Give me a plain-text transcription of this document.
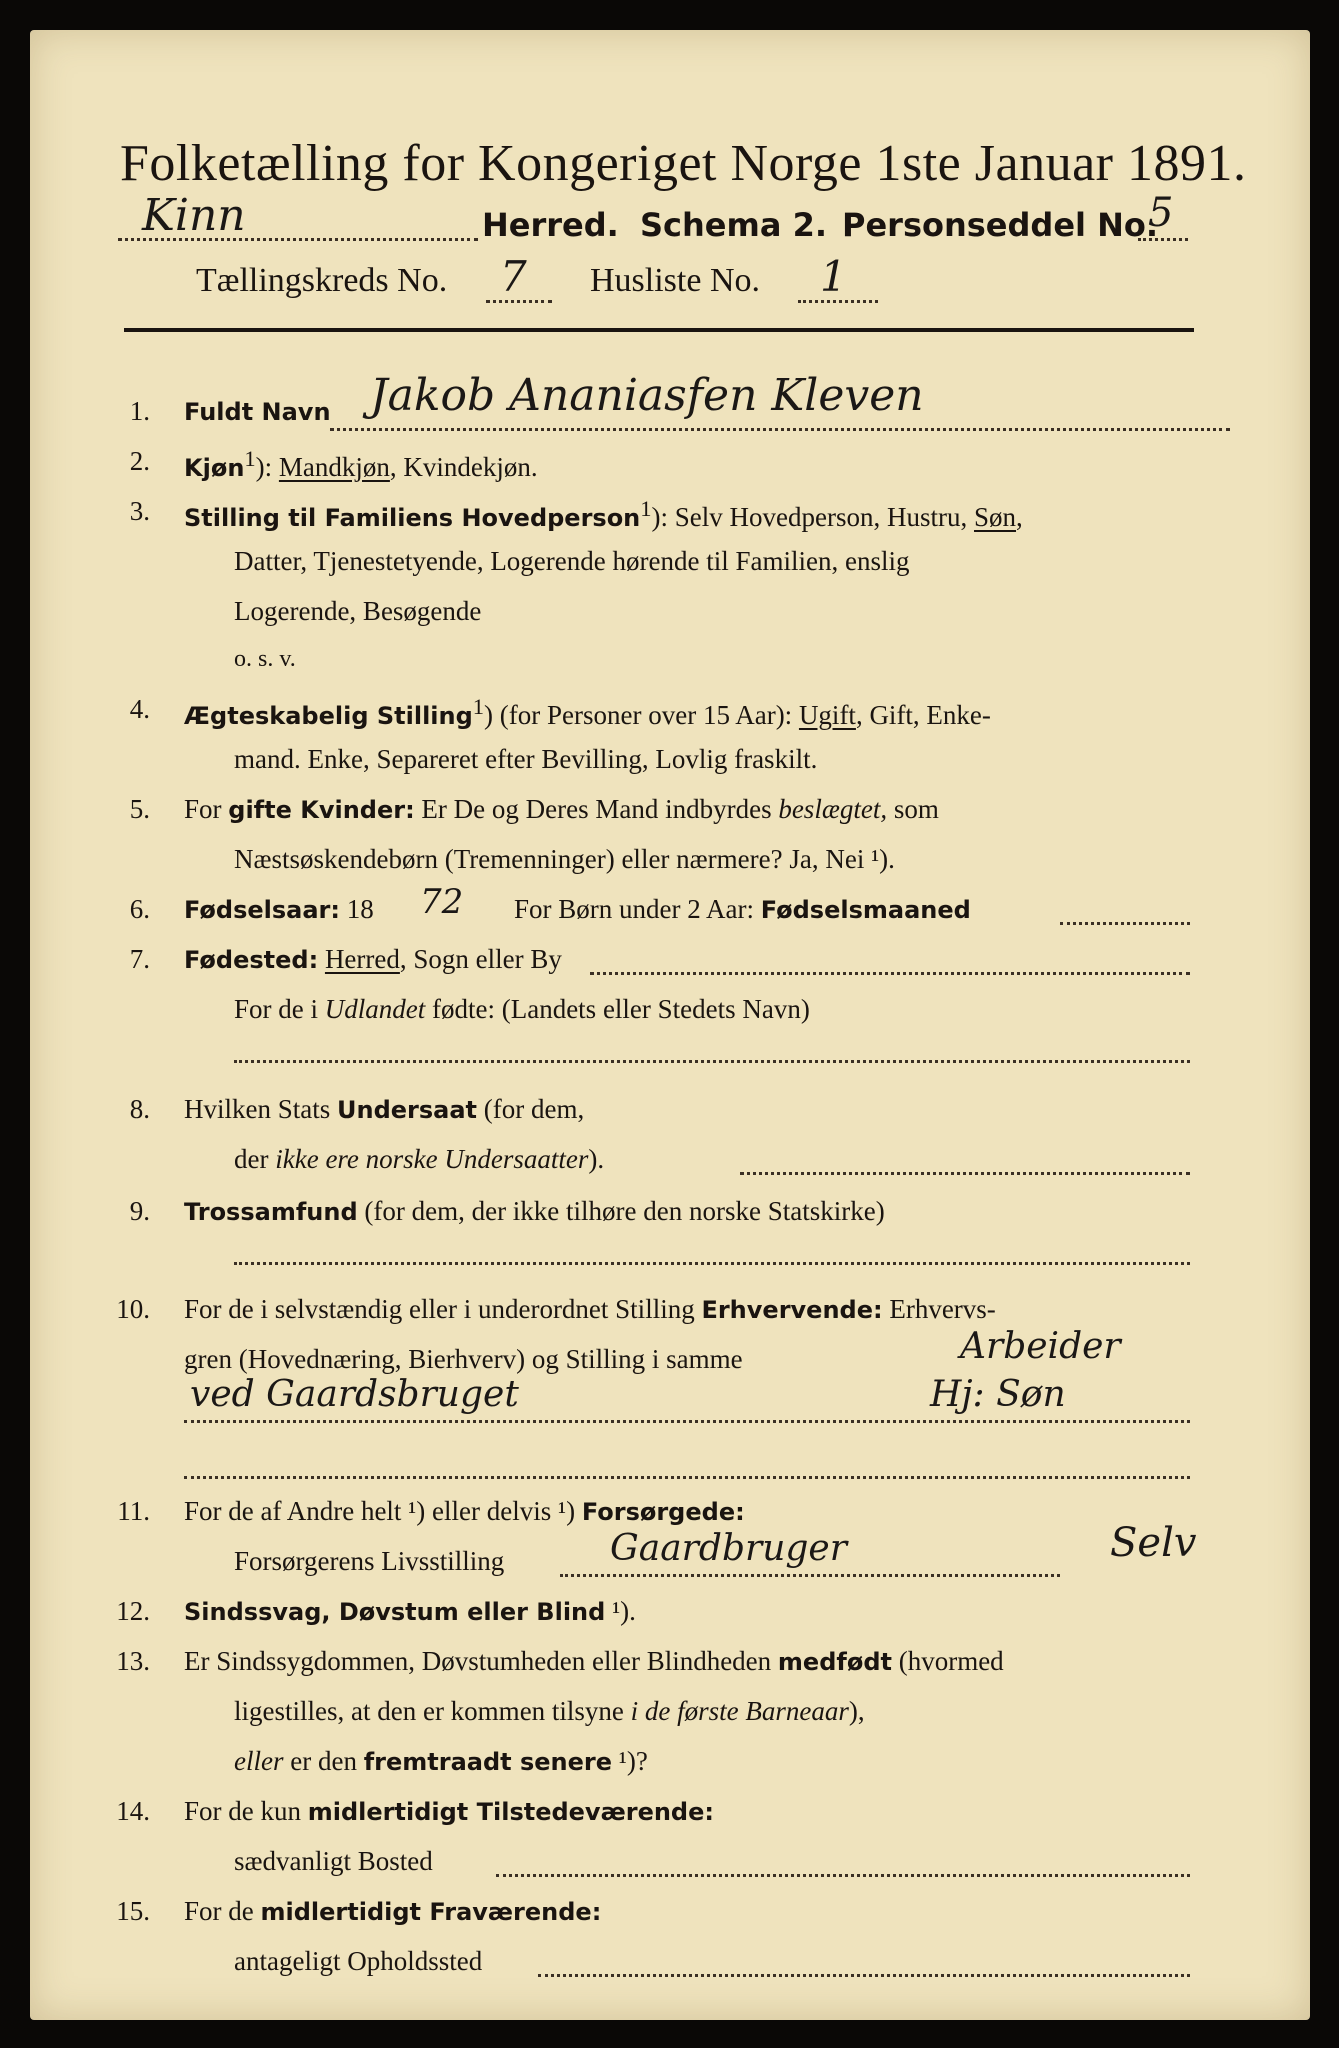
Folketælling for Kongeriget Norge 1ste Januar 1891.
Kinn	Herred. Schema 2. Personseddel No.
5
Tællingskreds No. 7 Husliste No. 1
1. Fuldt Navn Jakob Ananiasfen Kleven
2. Kjøn$^1$): Mandkjøn, Kvindekjøn.
3. Stilling til Familiens Hovedperson$^1$): Selv Hovedperson, Hustru, Søn,
Datter, Tjenestetyende, Logerende hørende til Familien, enslig
Logerende, Besøgende
o. s. v.
4. Ægteskabelig Stilling$^1$) (for Personer over 15 Aar): Ugift, Gift, Enke-
mand. Enke, Separeret efter Bevilling, Lovlig fraskilt.
5. For gifte Kvinder: Er De og Deres Mand indbyrdes beslægtet, som
Næstsøskendebørn (Tremenninger) eller nærmere? Ja, Nei ¹).
6. Fødselsaar: 18 72 For Børn under 2 Aar: Fødselsmaaned
7. Fødested: Herred, Sogn eller By
For de i Udlandet fødte: (Landets eller Stedets Navn)
8. Hvilken Stats Undersaat (for dem,
der ikke ere norske Undersaatter).
9. Trossamfund (for dem, der ikke tilhøre den norske Statskirke)
10. For de i selvstændig eller i underordnet Stilling Erhvervende: Erhvervs-
gren (Hovednæring, Bierhverv) og Stilling i samme	Arbeider
ved Gaardsbruget	Hj: Søn
11. For de af Andre helt ¹) eller delvis ¹) Forsørgede:
Forsørgerens Livsstilling	Gaardbruger	Selv
12. Sindssvag, Døvstum eller Blind ¹).
13. Er Sindssygdommen, Døvstumheden eller Blindheden medfødt (hvormed
ligestilles, at den er kommen tilsyne i de første Barneaar),
eller er den fremtraadt senere ¹)?
14. For de kun midlertidigt Tilstedeværende:
sædvanligt Bosted
15. For de midlertidigt Fraværende:
antageligt Opholdssted
